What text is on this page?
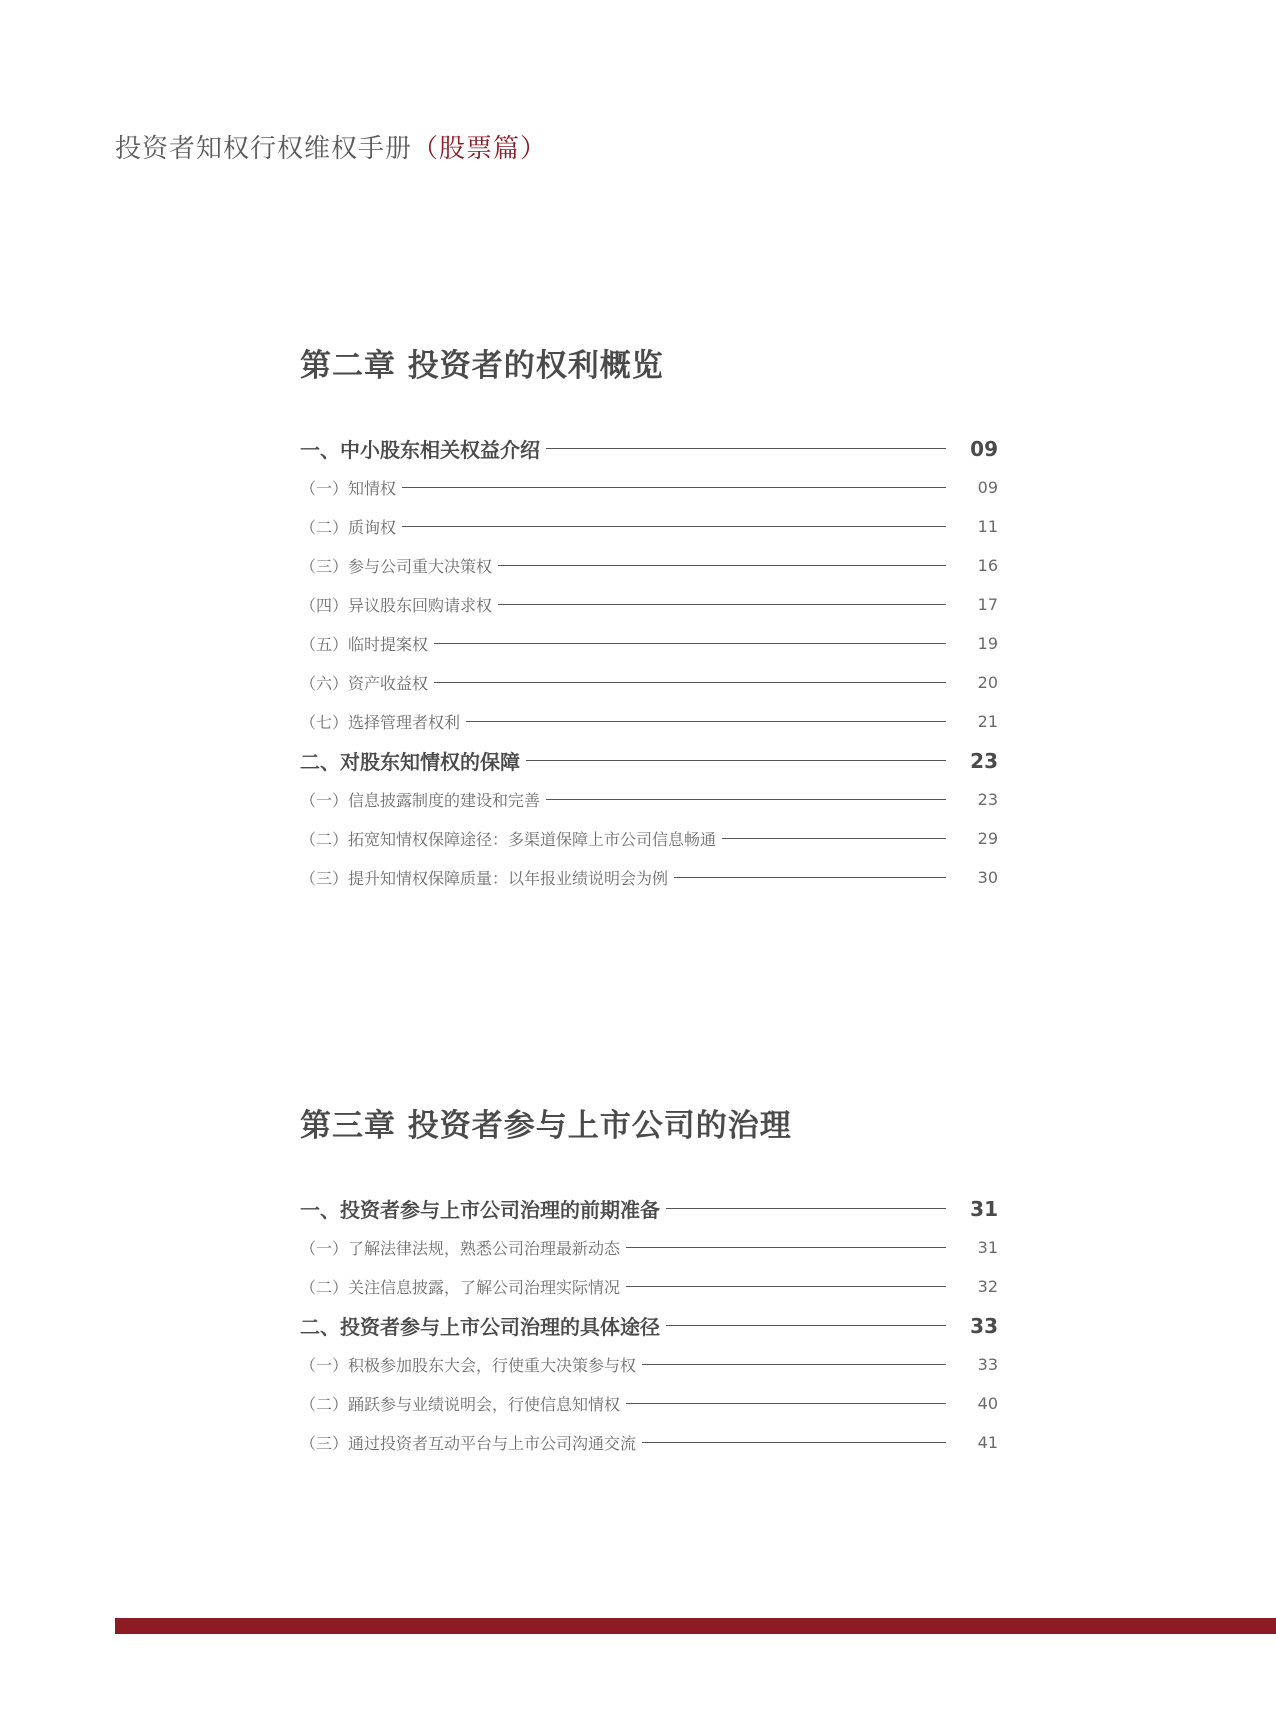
投资者知权行权维权手册（股票篇）
第二章 投资者的权利概览
一、中小股东相关权益介绍	09
（一）知情权	09
（二）质询权	11
（三）参与公司重大决策权	16
（四）异议股东回购请求权	17
（五）临时提案权	19
（六）资产收益权	20
（七）选择管理者权利	21
二、对股东知情权的保障	23
（一）信息披露制度的建设和完善	23
（二）拓宽知情权保障途径：多渠道保障上市公司信息畅通	29
（三）提升知情权保障质量：以年报业绩说明会为例	30
第三章 投资者参与上市公司的治理
一、投资者参与上市公司治理的前期准备	31
（一）了解法律法规，熟悉公司治理最新动态	31
（二）关注信息披露，了解公司治理实际情况	32
二、投资者参与上市公司治理的具体途径	33
（一）积极参加股东大会，行使重大决策参与权	33
（二）踊跃参与业绩说明会，行使信息知情权	40
（三）通过投资者互动平台与上市公司沟通交流	41
